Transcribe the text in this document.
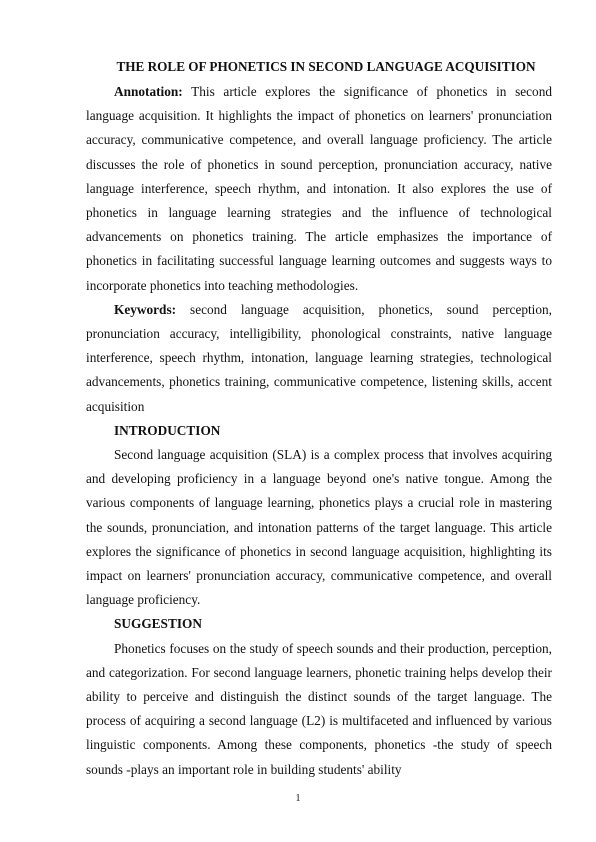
THE ROLE OF PHONETICS IN SECOND LANGUAGE ACQUISITION

Annotation: This article explores the significance of phonetics in second language acquisition. It highlights the impact of phonetics on learners' pronunciation accuracy, communicative competence, and overall language proficiency. The article discusses the role of phonetics in sound perception, pronunciation accuracy, native language interference, speech rhythm, and intonation. It also explores the use of phonetics in language learning strategies and the influence of technological advancements on phonetics training. The article emphasizes the importance of phonetics in facilitating successful language learning outcomes and suggests ways to incorporate phonetics into teaching methodologies.

Keywords: second language acquisition, phonetics, sound perception, pronunciation accuracy, intelligibility, phonological constraints, native language interference, speech rhythm, intonation, language learning strategies, technological advancements, phonetics training, communicative competence, listening skills, accent acquisition

INTRODUCTION

Second language acquisition (SLA) is a complex process that involves acquiring and developing proficiency in a language beyond one's native tongue. Among the various components of language learning, phonetics plays a crucial role in mastering the sounds, pronunciation, and intonation patterns of the target language. This article explores the significance of phonetics in second language acquisition, highlighting its impact on learners' pronunciation accuracy, communicative competence, and overall language proficiency.

SUGGESTION

Phonetics focuses on the study of speech sounds and their production, perception, and categorization. For second language learners, phonetic training helps develop their ability to perceive and distinguish the distinct sounds of the target language. The process of acquiring a second language (L2) is multifaceted and influenced by various linguistic components. Among these components, phonetics -the study of speech sounds -plays an important role in building students' ability

1
